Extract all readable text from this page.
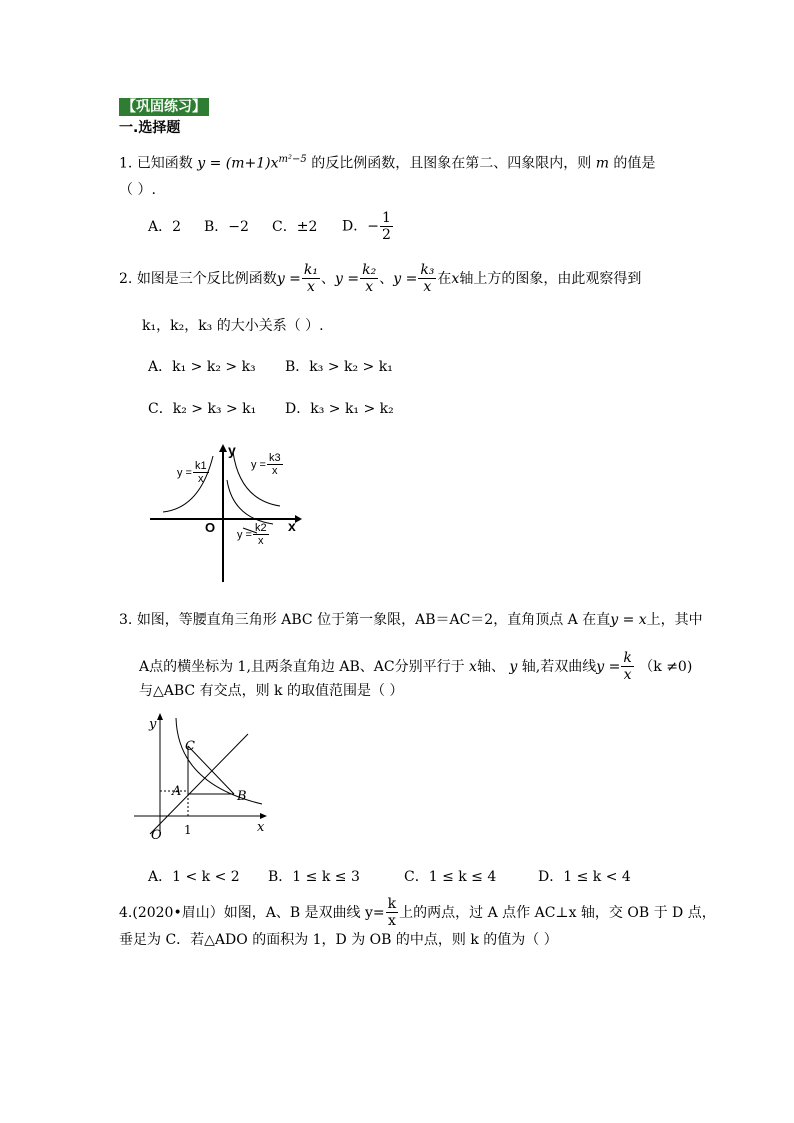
【巩固练习】
一.选择题
1. 已知函数 $y = (m+1)x^{m^2-5}$ 的反比例函数，且图象在第二、四象限内，则 m 的值是
（ ）.
A．2	B．−2	C．±2	D．− $\frac{1}{2}$
2.
如图是三个反比例函数 $y = \frac{\text{k₁}}{x}$ 、 $y = \frac{\text{k₂}}{x}$ 、 $y = \frac{\text{k₃}}{x}$ 在 x 轴上方的图象，由此观察得到
k₁，k₂，k₃ 的大小关系（ ）.
A．k₁ > k₂ > k₃ B．k₃ > k₂ > k₁
C．k₂ > k₃ > k₁ D．k₃ > k₁ > k₂
$y = \frac{k1}{x}$	$y = \frac{k3}{x}$
$y = \frac{k2}{x}$
O	x
y
3. 如图，等腰直角三角形 ABC 位于第一象限，AB＝AC＝2，直角顶点 A 在直y = x上，其中
A点的横坐标为 1,且两条直角边 AB、AC分别平行于
x 轴、
y
轴,若双曲线 $y = \frac{k}{x}$
（k ≠0)
与△ABC 有交点，则 k 的取值范围是（ ）
y
x
C
A	B
O 1
A．1 < k < 2 B．1 ≤ k ≤ 3	C．1 ≤ k ≤ 4	D．1 ≤ k < 4
4. (2020•眉山）如图，A、B 是双曲线 $y= \frac{k}{x}$ 上的两点，过 A 点作 AC⊥x 轴，交 OB 于 D 点，
垂足为 C．若△ADO 的面积为 1，D 为 OB 的中点，则 k 的值为（ ）
